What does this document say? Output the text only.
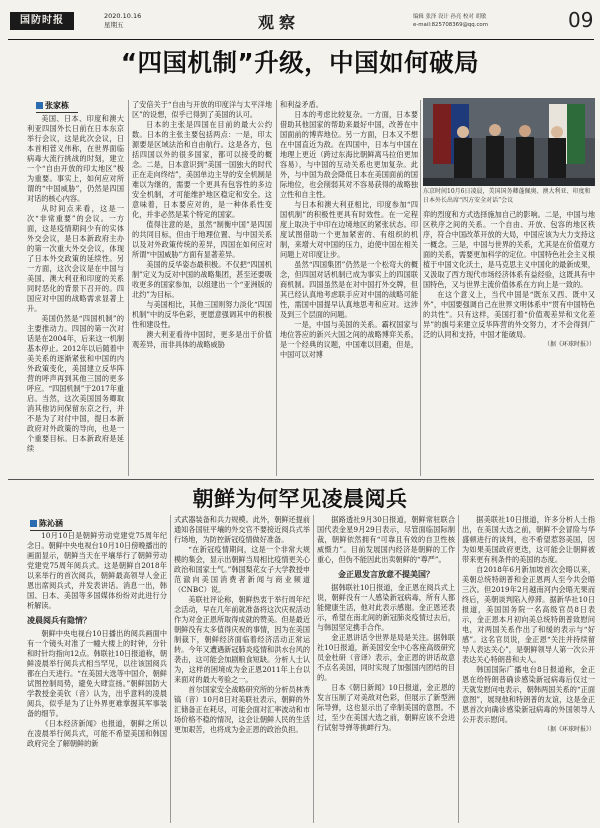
国防时报	2020.10.16
星期五	观察	编辑 张泽 设计 孙亮 校对 胡敏
e-mail:825708369@qq.com	09
“四国机制”升级，中国如何破局
张家栋

美国、日本、印度和澳大利亚四国外长日前在日本东京举行会议，这是此次会议，日本首相菅义伟称，在世界面临病毒大流行挑战的时刻，建立一个“自由开放的印太地区”极为重要。事实上，如何应对所谓的“中国威胁”，仍然是四国对话的核心内容。

从时间点来看，这是一次“非常重要”的会议。一方面，这是疫情期间少有的实体外交会议，是日本新政府主办的第一次重大外交会议，体现了日本外交政策的延续性。另一方面，这次会议是在中国与美国、澳大利亚和印度的关系同时恶化的背景下召开的。四国应对中国的战略需求显著上升。

美国仍然是“四国机制”的主要推动力。四国的第一次对话是在2004年，后来这一机制基本停止。2012年以后随着中美关系的逐渐紧张和中国的内外政策变化，美国建立反华阵营的呼声再到其他三国的更多呼应。“四国机制”于2017年重启。当然，这次美国国务卿取消其他访问保留东京之行，并不是为了对付中国，提日本新政府对外政策的导向，也是一个重要目标。日本新政府是延续

了安倍关于“自由与开放的印度洋与太平洋地区”的设想，似乎已得到了美国的认可。

日本的主张是四国在目前的最大公约数。日本的主张主要包括两点：一是，印太源要是区域法治和自由航行。这是各方，包括四国以外的很多国家，都可以接受的概念。二是，日本意识到“美国一国独大的时代正在走向终结”，美国单边主导的安全机制是难以为继的，需要一个更具有包容性的多边安全机制，才可能维护地区稳定和安全。这意味着，日本要应对的，是一种体系性变化，并非必然是某个特定的国家。

值得注意的是，虽然“制衡中国”是四国的共同目标，但由于地理位置、与中国关系以及对外政策传统的差异，四国在如何应对所谓“中国威胁”方面有显著差异。

美国的反华姿态最积极。不仅把“四国机制”定义为反对中国的战略集团，甚至还要吸收更多的国家参加，以组建出一个“亚洲版的北约”为目标。

与美国相比，其他三国则努力淡化“四国机制”中的反华色彩，更愿意强调其中的积极性和建设性。

澳大利亚看待中国时，更多是出于价值观差异，而非具体的战略威胁

和利益矛盾。

日本的考虑比较复杂。一方面，日本要借助其他国家的帮助来最好中国，改善在中国面前的博弈地位。另一方面，日本又不想在中国直近为敌。在四国中，日本与中国在地理上更近（跨过东海比朝鲜离马拉伯更加容易），与中国的互动关系也更加复杂。此外，与中国为敌会降低日本在美国面前的国际地位，也会削弱其对不容易获得的战略独立性和自主性。

与日本和澳大利亚相比，印度参加“四国机制”的积极性更具有时效性。在一定程度上取决于中印在边境地区的紧张状态。印度试图借助一个更加紧密的、有组织的机制，来增大对中国的压力，迫使中国在相关问题上对印度让步。

虽然“四国集团”仍然是一个松弯大的概念，但四国对话机制已成为事实上的四国联商机制。四国虽然是在对中国打外交牌，但其已经认真地考虑联手应对中国的战略可能性，需国中国提早认真地思考和应对。这涉及到三个层面的问题。

一是，中国与美国的关系。霸权国家与地位答应的新兴大国之间的战略博弈关系，是一个经典的议题，中国难以回避，但是，中国可以对博

东京时间10月6日凌晨，美国国务卿蓬佩奥、澳大利亚、印度和日本外长出席“四方安全对话”会议

弈的烈度和方式选择施加自己的影响。二是，中国与地区秩序之间的关系。一个自由、开放、包容的地区秩序，符合中国改革开放的大局，中国应该为大力支持这一概念。三是，中国与世界的关系，尤其是在价值观方面的关系，需要更加科学的定位。中国特色社会主义根植于中国文化沃土，是马克思主义中国化的最新成果，又汲取了西方现代市场经济体系有益经验，这既具有中国特色，又与世界主流价值体系在方向上是一致的。

在这个意义上，当代中国是“既东又西、既中又外”，中国要强调自己在世界文明体系中“贯有中国特色的共性”。只有这样，美国打着“价值观差异和文化差异”的旗号来建立反华阵营的外交努力，才不会得到广泛的认同和支持，中国才能破局。

（据《环球时报》）
朝鲜为何罕见凌晨阅兵
陈沁涵

10月10日是朝鲜劳动党建党75周年纪念日。朝鲜中央电视台10月10日傍晚播出的画面显示，朝鲜当天在平壤举行了朝鲜劳动党建党75周年阅兵式。这是朝鲜自2018年以来举行的首次阅兵，朝鲜最高领导人金正恩出席阅兵式，并发表讲话。消息一出，韩国、日本、美国等多国媒体纷纷对此进行分析解读。

凌晨阅兵有隐情？

朝鲜中央电视台10日播出的阅兵画面中有一个镜头对准了一幢大楼上的时钟，分针和时针均指向12点。韩联社10日报道称，朝鲜凌晨举行阅兵式相当罕见，以往该国阅兵都在白天进行。“在美国大选等中国介，朝鲜试图控制局势，避免大肆宣扬。”朝鲜国防大学教授金美钦（音）认为，出乎意料的凌晨阅兵，似乎是为了让外界更难掌握其军事装备的细节。

《日本经济新闻》也报道，朝鲜之所以在凌晨举行阅兵式，可能不希望美国和韩国政府完全了解朝鲜的新

式武器装备和兵力规模。此外，朝鲜还提前通知各国驻平壤的外交官不要接近阅兵式举行场地，为防控新冠疫情做好准备。

“在新冠疫情期间，这是一个非常大规模的集会，显示出朝鲜当局相比疫情更关心政治和国家士气。”韩国梨花女子大学教授申范澈向美国消费者新闻与商业频道（CNBC）说。

美联社评论称，朝鲜热衷于举行周年纪念活动，早在几年前就准备将这次庆祝活动作为对金正恩所取得成就的赞美。但是最近朝鲜没有太多值得庆祝的事情，因为在美国制裁下，朝鲜经济面临着经济活动正常运转。今年又遭遇新冠肺炎疫情和洪水台风的袭击，这可能会加剧粮食短缺。分析人士认为，这样的困境成为金正恩2011年上台以来面对的最大考验之一。

首尔国家安全战略研究所的分析员林秀镐（音）10月8日对美联社表示，朝鲜的外汇储备正在耗尽，可能会面对汇率波动和市场价格不稳的情况，这会让朝鲜人民的生活更加艰苦，也将成为金正恩的政治负担。

据路透社9月30日报道，朝鲜常驻联合国代表金星9月29日表示，尽管面临国际制裁，朝鲜依然拥有“可靠且有效的自卫性核威慑力”。目前发展国内经济是朝鲜的工作重心，但伪不能因此出卖朝鲜的“尊严”。

金正恩发言放意不提美国？

据韩联社10日报道，金正恩在阅兵式上说，朝鲜没有一人感染新冠病毒，所有人都能健康生活，他对此表示感谢。金正恩还表示，希望在南北间的新冠肺炎疫情过去后，与韩国坚定携手合作。

金正恩讲话令世界是局是关注。据韩联社10日报道，新美国安全中心客座高级研究员金杜研（音译）表示，金正恩的讲话故意不点名美国，同时实现了加强国内团结的目的。

日本《朝日新闻》10日报道，金正恩的发言压制了对美敌对色彩，但展示了新型洲际导弹，这也显示出了牵制美国的意图。不过，至少在美国大选之前，朝鲜应该不会进行试射导弹等挑衅行为。

据美联社10日报道，许多分析人士指出，在美国大选之前，朝鲜不会冒险与华盛顿进行的谈判，也不希望惹怒美国，因为如果美国政府更迭，这可能会让朝鲜被带来更有利条件的美国的态度。

自2018年6月新加坡首次会晤以来，美朝总统特朗普和金正恩两人至今共会晤三次。但2019年2月越南河内会晤无果而终后，美朝谈判陷入停滞。据新华社10日报道，美国国务院一名高级官员8日表示，金正恩本月初向美总统特朗普致慰问电，对两国关系作出了和缓的表示与“好感”。这名官员说，金正恩“关注并持续留导人表达关心”，是朝鲜领导人第一次公开表达关心特朗普和夫人。

韩国国际广播电台8日报道称，金正恩在给特朗普确诊感染新冠病毒后仅过一天就发慰问电表示，朝韩两国关系的“正面意图”，展现他和特朗普的友谊，这是金正恩首次向确诊感染新冠病毒的外国领导人公开表示慰问。

（据《环球时报》）
